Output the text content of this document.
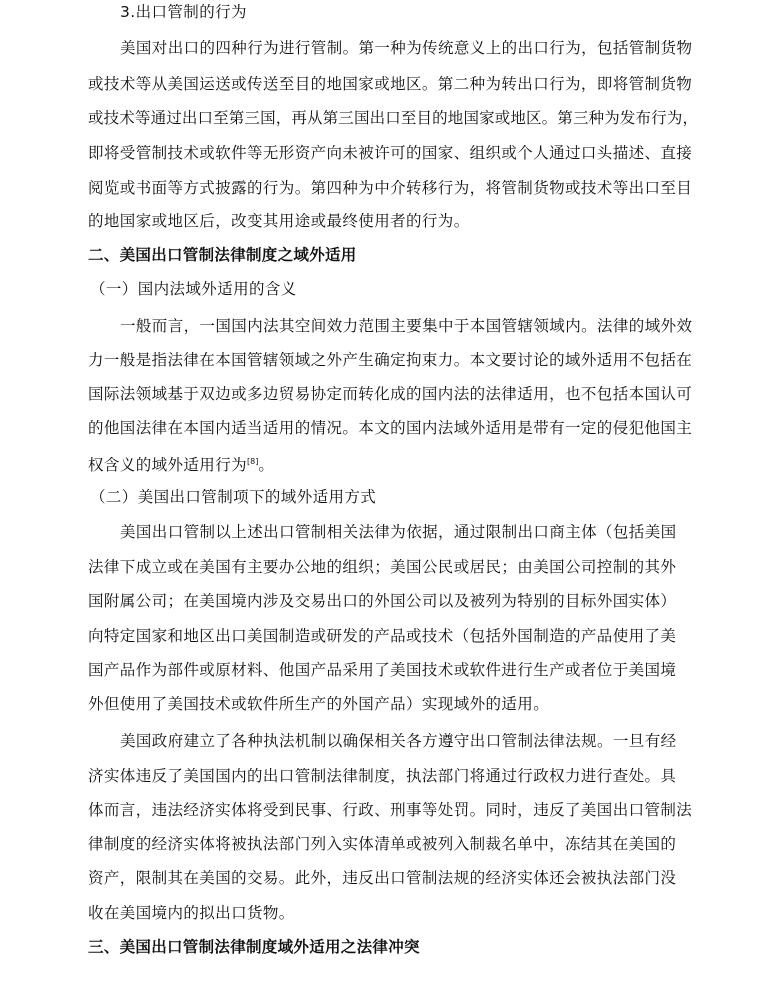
3.出口管制的行为
美国对出口的四种行为进行管制。第一种为传统意义上的出口行为，包括管制货物
或技术等从美国运送或传送至目的地国家或地区。第二种为转出口行为，即将管制货物
或技术等通过出口至第三国，再从第三国出口至目的地国家或地区。第三种为发布行为，
即将受管制技术或软件等无形资产向未被许可的国家、组织或个人通过口头描述、直接
阅览或书面等方式披露的行为。第四种为中介转移行为，将管制货物或技术等出口至目
的地国家或地区后，改变其用途或最终使用者的行为。
二、美国出口管制法律制度之域外适用
（一）国内法域外适用的含义
一般而言，一国国内法其空间效力范围主要集中于本国管辖领域内。法律的域外效
力一般是指法律在本国管辖领域之外产生确定拘束力。本文要讨论的域外适用不包括在
国际法领域基于双边或多边贸易协定而转化成的国内法的法律适用，也不包括本国认可
的他国法律在本国内适当适用的情况。本文的国内法域外适用是带有一定的侵犯他国主
权含义的域外适用行为[8]。
（二）美国出口管制项下的域外适用方式
美国出口管制以上述出口管制相关法律为依据，通过限制出口商主体（包括美国
法律下成立或在美国有主要办公地的组织；美国公民或居民；由美国公司控制的其外
国附属公司；在美国境内涉及交易出口的外国公司以及被列为特别的目标外国实体）
向特定国家和地区出口美国制造或研发的产品或技术（包括外国制造的产品使用了美
国产品作为部件或原材料、他国产品采用了美国技术或软件进行生产或者位于美国境
外但使用了美国技术或软件所生产的外国产品）实现域外的适用。
美国政府建立了各种执法机制以确保相关各方遵守出口管制法律法规。一旦有经
济实体违反了美国国内的出口管制法律制度，执法部门将通过行政权力进行查处。具
体而言，违法经济实体将受到民事、行政、刑事等处罚。同时，违反了美国出口管制法
律制度的经济实体将被执法部门列入实体清单或被列入制裁名单中，冻结其在美国的
资产，限制其在美国的交易。此外，违反出口管制法规的经济实体还会被执法部门没
收在美国境内的拟出口货物。
三、美国出口管制法律制度域外适用之法律冲突
